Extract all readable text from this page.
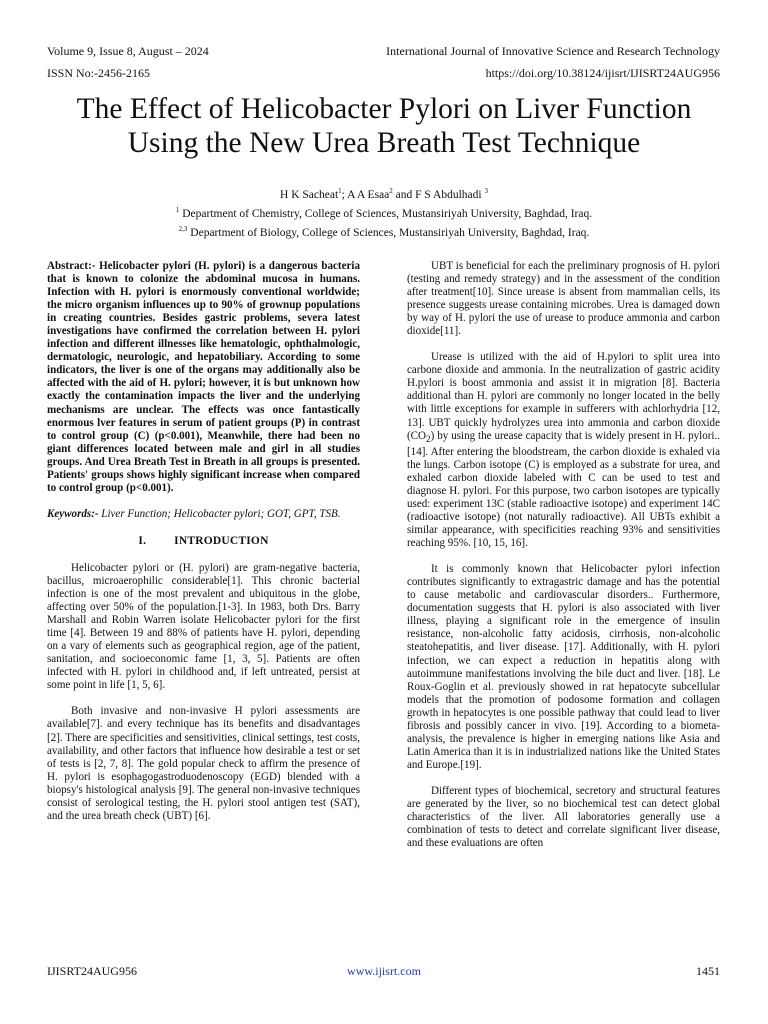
Volume 9, Issue 8, August – 2024	International Journal of Innovative Science and Research Technology
ISSN No:-2456-2165	https://doi.org/10.38124/ijisrt/IJISRT24AUG956
The Effect of Helicobacter Pylori on Liver Function
Using the New Urea Breath Test Technique
H K Sacheat$^1$; A A Esaa$^2$ and F S Abdulhadi $^3$
$^1$ Department of Chemistry, College of Sciences, Mustansiriyah University, Baghdad, Iraq.
$^{2,3}$ Department of Biology, College of Sciences, Mustansiriyah University, Baghdad, Iraq.

Abstract:- Helicobacter pylori (H. pylori) is a dangerous bacteria that is known to colonize the abdominal mucosa in humans. Infection with H. pylori is enormously conventional worldwide; the micro organism influences up to 90% of grownup populations in creating countries. Besides gastric problems, severa latest investigations have confirmed the correlation between H. pylori infection and different illnesses like hematologic, ophthalmologic, dermatologic, neurologic, and hepatobiliary. According to some indicators, the liver is one of the organs may additionally also be affected with the aid of H. pylori; however, it is but unknown how exactly the contamination impacts the liver and the underlying mechanisms are unclear. The effects was once fantastically enormous lver features in serum of patient groups (P) in contrast to control group (C) (p<0.001), Meanwhile, there had been no giant differences located between male and girl in all studies groups. And Urea Breath Test in Breath in all groups is presented. Patients' groups shows highly significant increase when compared to control group (p<0.001).

Keywords:- Liver Function; Helicobacter pylori; GOT, GPT, TSB.

I. INTRODUCTION

Helicobacter pylori or (H. pylori) are gram-negative bacteria, bacillus, microaerophilic considerable[1]. This chronic bacterial infection is one of the most prevalent and ubiquitous in the globe, affecting over 50% of the population.[1-3]. In 1983, both Drs. Barry Marshall and Robin Warren isolate Helicobacter pylori for the first time [4]. Between 19 and 88% of patients have H. pylori, depending on a vary of elements such as geographical region, age of the patient, sanitation, and socioeconomic fame [1, 3, 5]. Patients are often infected with H. pylori in childhood and, if left untreated, persist at some point in life [1, 5, 6].

Both invasive and non-invasive H pylori assessments are available[7]. and every technique has its benefits and disadvantages [2]. There are specificities and sensitivities, clinical settings, test costs, availability, and other factors that influence how desirable a test or set of tests is [2, 7, 8]. The gold popular check to affirm the presence of H. pylori is esophagogastroduodenoscopy (EGD) blended with a biopsy's histological analysis [9]. The general non-invasive techniques consist of serological testing, the H. pylori stool antigen test (SAT), and the urea breath check (UBT) [6].

UBT is beneficial for each the preliminary prognosis of H. pylori (testing and remedy strategy) and in the assessment of the condition after treatment[10]. Since urease is absent from mammalian cells, its presence suggests urease containing microbes. Urea is damaged down by way of H. pylori the use of urease to produce ammonia and carbon dioxide[11].

Urease is utilized with the aid of H.pylori to split urea into carbone dioxide and ammonia. In the neutralization of gastric acidity H.pylori is boost ammonia and assist it in migration [8]. Bacteria additional than H. pylori are commonly no longer located in the belly with little exceptions for example in sufferers with achlorhydria [12, 13]. UBT quickly hydrolyzes urea into ammonia and carbon dioxide $(CO_2)$ by using the urease capacity that is widely present in H. pylori..[14]. After entering the bloodstream, the carbon dioxide is exhaled via the lungs. Carbon isotope (C) is employed as a substrate for urea, and exhaled carbon dioxide labeled with C can be used to test and diagnose H. pylori. For this purpose, two carbon isotopes are typically used: experiment 13C (stable radioactive isotope) and experiment 14C (radioactive isotope) (not naturally radioactive). All UBTs exhibit a similar appearance, with specificities reaching 93% and sensitivities reaching 95%. [10, 15, 16].

It is commonly known that Helicobacter pylori infection contributes significantly to extragastric damage and has the potential to cause metabolic and cardiovascular disorders.. Furthermore, documentation suggests that H. pylori is also associated with liver illness, playing a significant role in the emergence of insulin resistance, non-alcoholic fatty acidosis, cirrhosis, non-alcoholic steatohepatitis, and liver disease. [17]. Additionally, with H. pylori infection, we can expect a reduction in hepatitis along with autoimmune manifestations involving the bile duct and liver. [18]. Le Roux-Goglin et al. previously showed in rat hepatocyte subcellular models that the promotion of podosome formation and collagen growth in hepatocytes is one possible pathway that could lead to liver fibrosis and possibly cancer in vivo. [19]. According to a biometa-analysis, the prevalence is higher in emerging nations like Asia and Latin America than it is in industrialized nations like the United States and Europe.[19].

Different types of biochemical, secretory and structural features are generated by the liver, so no biochemical test can detect global characteristics of the liver. All laboratories generally use a combination of tests to detect and correlate significant liver disease, and these evaluations are often

IJISRT24AUG956	www.ijisrt.com	1451
